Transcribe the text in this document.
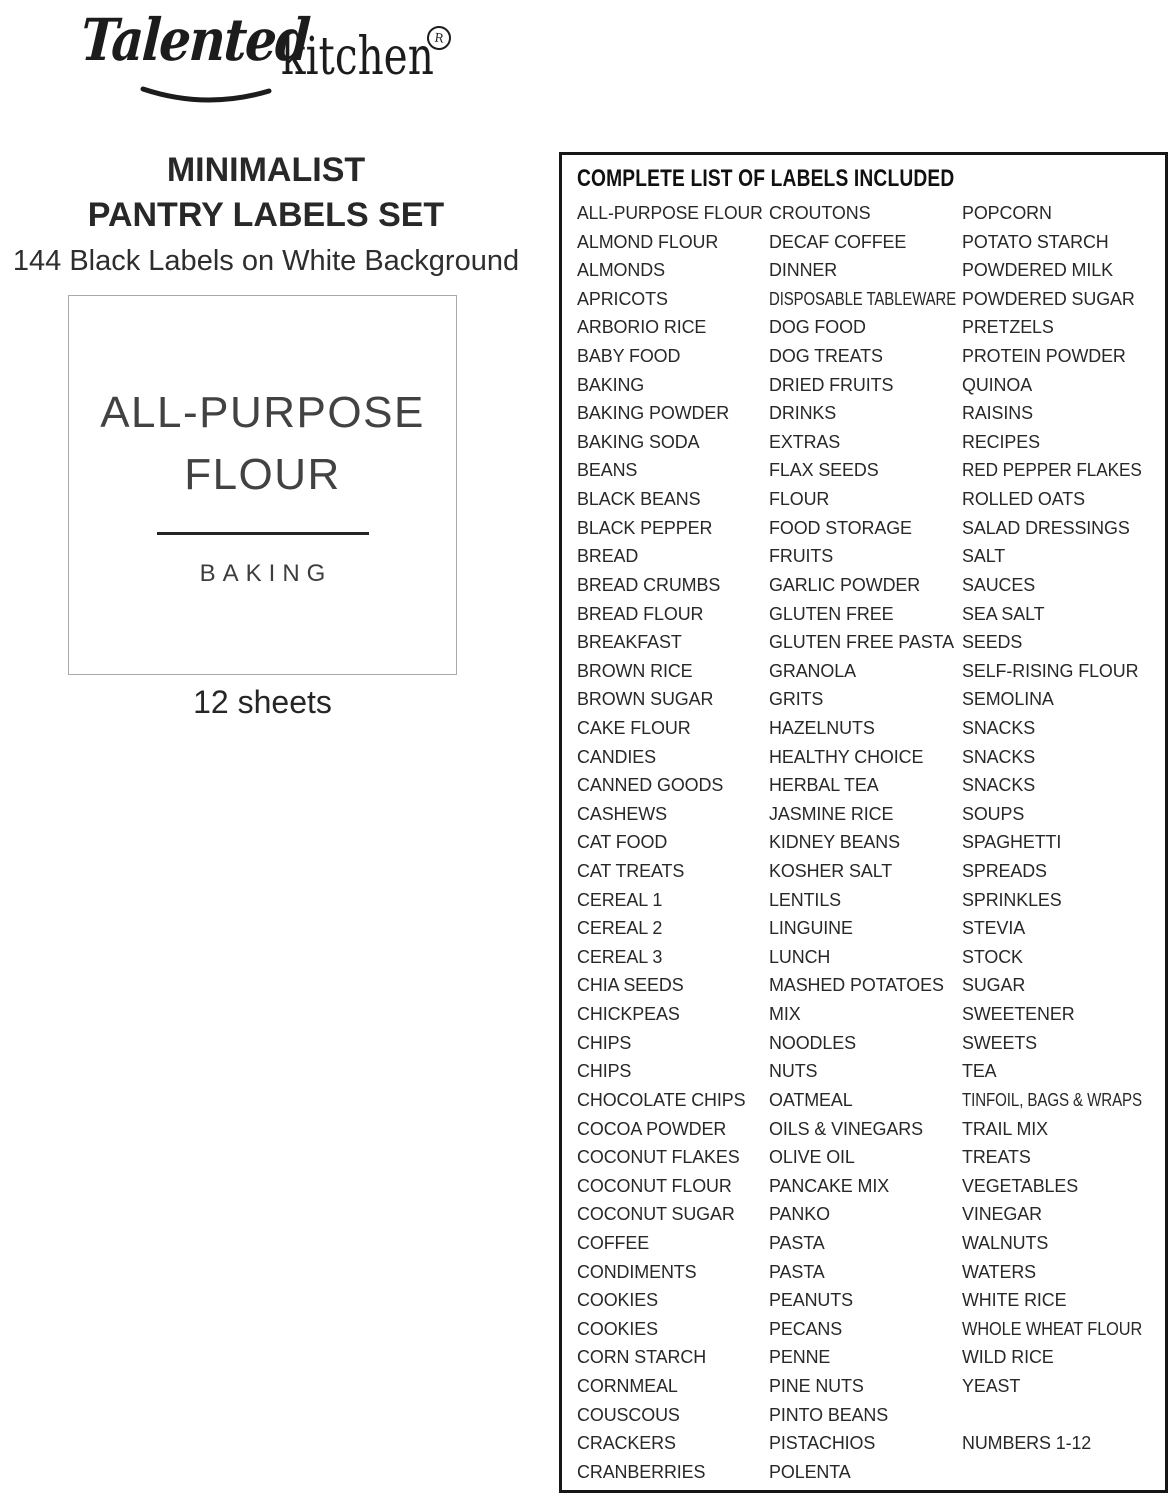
Talented
kitchen R
MINIMALIST
PANTRY LABELS SET
144 Black Labels on White Background
ALL-PURPOSE
FLOUR
BAKING
12 sheets
COMPLETE LIST OF LABELS INCLUDED
ALL-PURPOSE FLOUR
ALMOND FLOUR
ALMONDS
APRICOTS
ARBORIO RICE
BABY FOOD
BAKING
BAKING POWDER
BAKING SODA
BEANS
BLACK BEANS
BLACK PEPPER
BREAD
BREAD CRUMBS
BREAD FLOUR
BREAKFAST
BROWN RICE
BROWN SUGAR
CAKE FLOUR
CANDIES
CANNED GOODS
CASHEWS
CAT FOOD
CAT TREATS
CEREAL 1
CEREAL 2
CEREAL 3
CHIA SEEDS
CHICKPEAS
CHIPS
CHIPS
CHOCOLATE CHIPS
COCOA POWDER
COCONUT FLAKES
COCONUT FLOUR
COCONUT SUGAR
COFFEE
CONDIMENTS
COOKIES
COOKIES
CORN STARCH
CORNMEAL
COUSCOUS
CRACKERS
CRANBERRIES
CROUTONS
DECAF COFFEE
DINNER
DISPOSABLE TABLEWARE
DOG FOOD
DOG TREATS
DRIED FRUITS
DRINKS
EXTRAS
FLAX SEEDS
FLOUR
FOOD STORAGE
FRUITS
GARLIC POWDER
GLUTEN FREE
GLUTEN FREE PASTA
GRANOLA
GRITS
HAZELNUTS
HEALTHY CHOICE
HERBAL TEA
JASMINE RICE
KIDNEY BEANS
KOSHER SALT
LENTILS
LINGUINE
LUNCH
MASHED POTATOES
MIX
NOODLES
NUTS
OATMEAL
OILS & VINEGARS
OLIVE OIL
PANCAKE MIX
PANKO
PASTA
PASTA
PEANUTS
PECANS
PENNE
PINE NUTS
PINTO BEANS
PISTACHIOS
POLENTA
POPCORN
POTATO STARCH
POWDERED MILK
POWDERED SUGAR
PRETZELS
PROTEIN POWDER
QUINOA
RAISINS
RECIPES
RED PEPPER FLAKES
ROLLED OATS
SALAD DRESSINGS
SALT
SAUCES
SEA SALT
SEEDS
SELF-RISING FLOUR
SEMOLINA
SNACKS
SNACKS
SNACKS
SOUPS
SPAGHETTI
SPREADS
SPRINKLES
STEVIA
STOCK
SUGAR
SWEETENER
SWEETS
TEA
TINFOIL, BAGS & WRAPS
TRAIL MIX
TREATS
VEGETABLES
VINEGAR
WALNUTS
WATERS
WHITE RICE
WHOLE WHEAT FLOUR
WILD RICE
YEAST
NUMBERS 1-12
